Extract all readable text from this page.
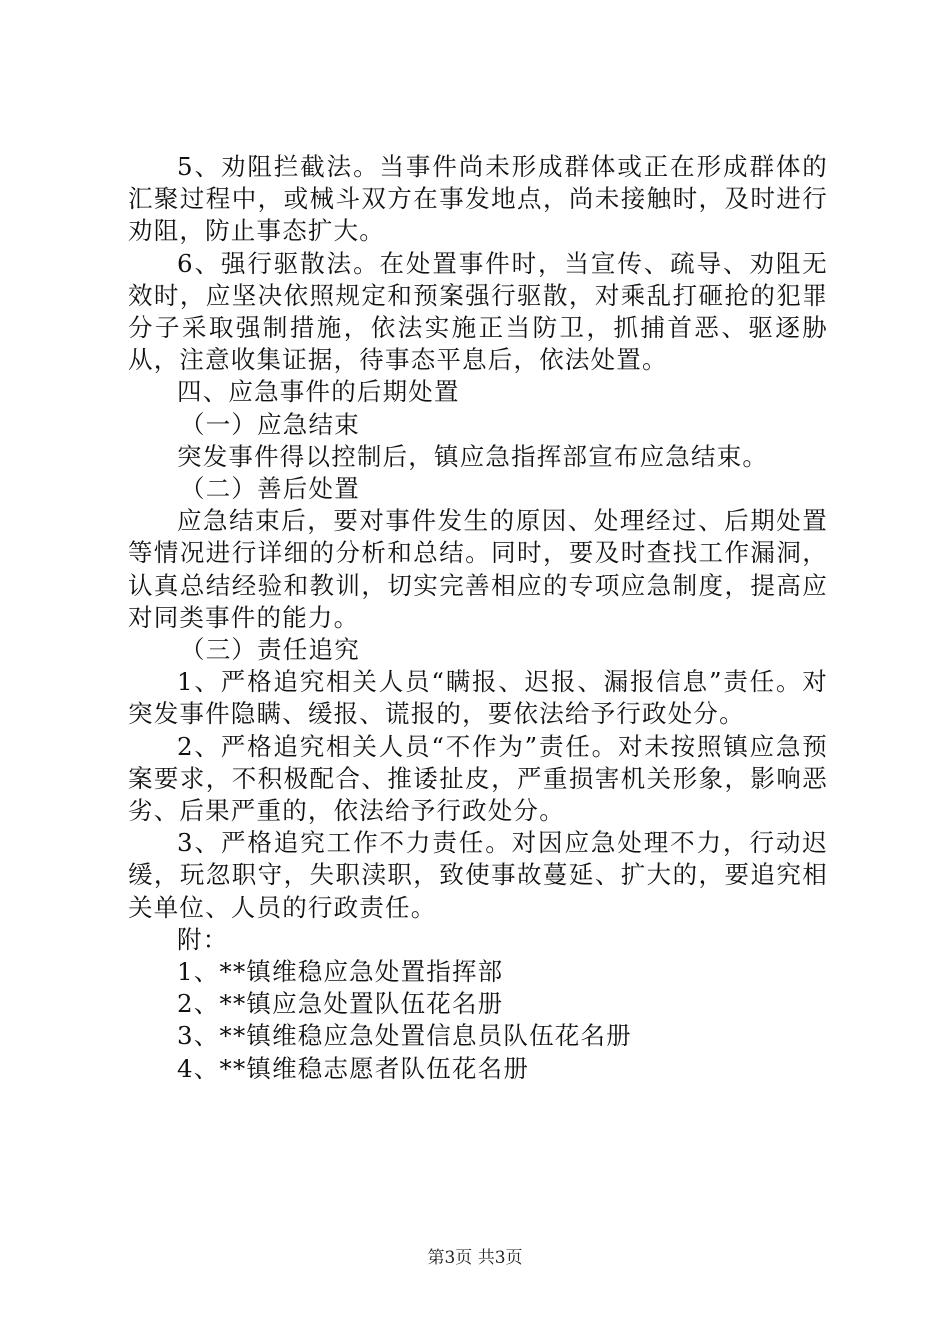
5、劝阻拦截法。当事件尚未形成群体或正在形成群体的汇聚过程中，或械斗双方在事发地点，尚未接触时，及时进行劝阻，防止事态扩大。

6、强行驱散法。在处置事件时，当宣传、疏导、劝阻无效时，应坚决依照规定和预案强行驱散，对乘乱打砸抢的犯罪分子采取强制措施，依法实施正当防卫，抓捕首恶、驱逐胁从，注意收集证据，待事态平息后，依法处置。

四、应急事件的后期处置

（一）应急结束

突发事件得以控制后，镇应急指挥部宣布应急结束。

（二）善后处置

应急结束后，要对事件发生的原因、处理经过、后期处置等情况进行详细的分析和总结。同时，要及时查找工作漏洞，认真总结经验和教训，切实完善相应的专项应急制度，提高应对同类事件的能力。

（三）责任追究

1、严格追究相关人员“瞒报、迟报、漏报信息”责任。对突发事件隐瞒、缓报、谎报的，要依法给予行政处分。

2、严格追究相关人员“不作为”责任。对未按照镇应急预案要求，不积极配合、推诿扯皮，严重损害机关形象，影响恶劣、后果严重的，依法给予行政处分。

3、严格追究工作不力责任。对因应急处理不力，行动迟缓，玩忽职守，失职渎职，致使事故蔓延、扩大的，要追究相关单位、人员的行政责任。

附：

1、**镇维稳应急处置指挥部

2、**镇应急处置队伍花名册

3、**镇维稳应急处置信息员队伍花名册

4、**镇维稳志愿者队伍花名册

第3页 共3页
